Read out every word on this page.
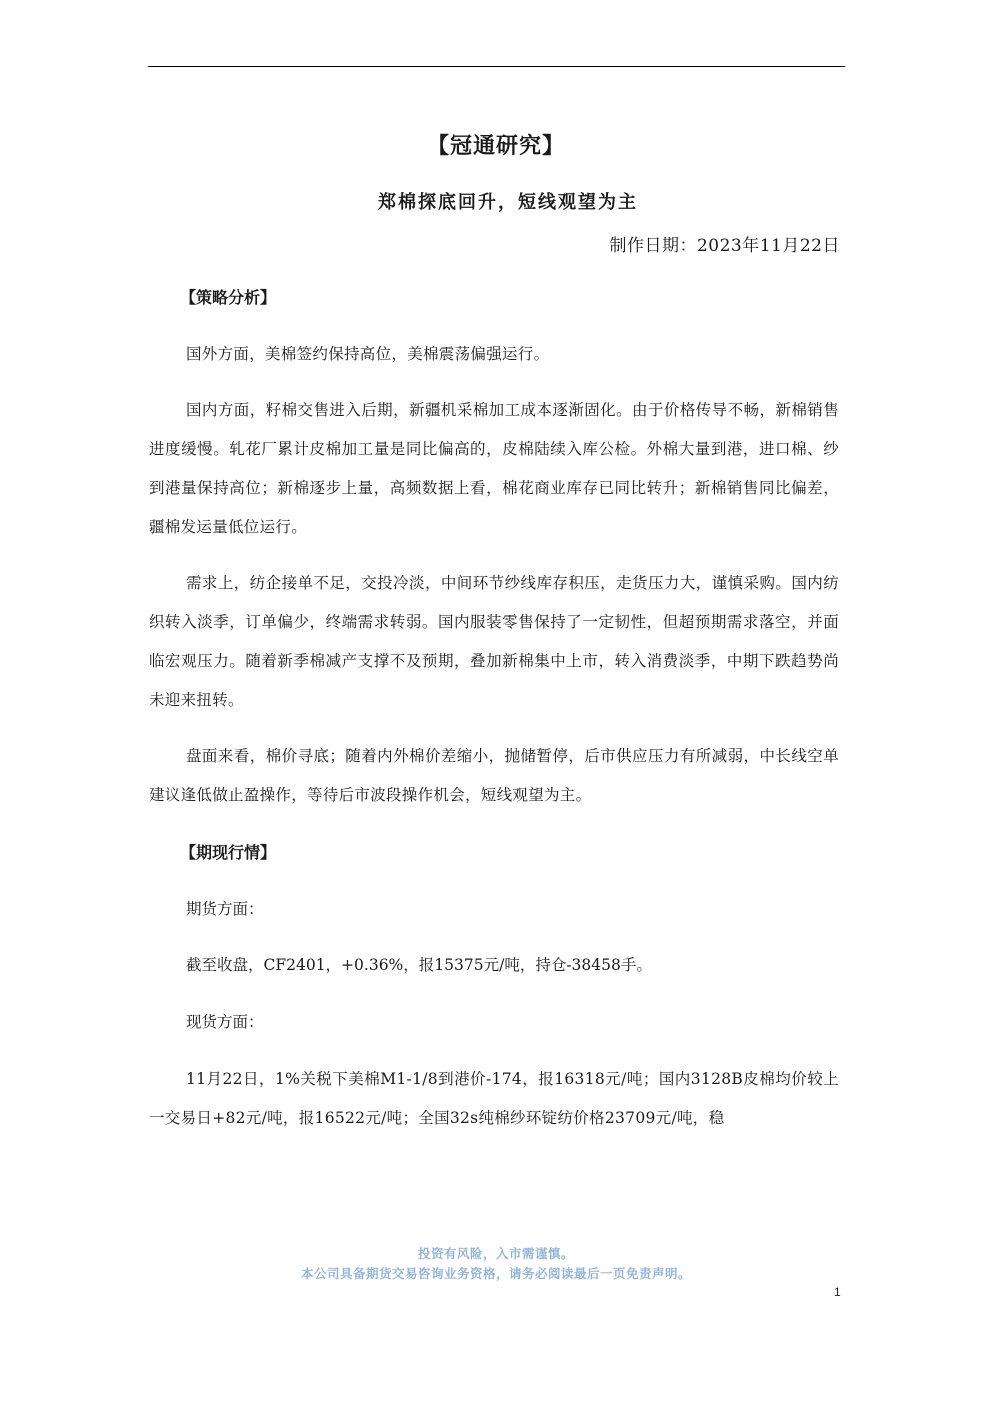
【冠通研究】
郑棉探底回升，短线观望为主
制作日期：2023年11月22日
【策略分析】
国外方面，美棉签约保持高位，美棉震荡偏强运行。
国内方面，籽棉交售进入后期，新疆机采棉加工成本逐渐固化。由于价格传导不畅，新棉销售进度缓慢。轧花厂累计皮棉加工量是同比偏高的，皮棉陆续入库公检。外棉大量到港，进口棉、纱到港量保持高位；新棉逐步上量，高频数据上看，棉花商业库存已同比转升；新棉销售同比偏差，疆棉发运量低位运行。
需求上，纺企接单不足，交投冷淡，中间环节纱线库存积压，走货压力大，谨慎采购。国内纺织转入淡季，订单偏少，终端需求转弱。国内服装零售保持了一定韧性，但超预期需求落空，并面临宏观压力。随着新季棉减产支撑不及预期，叠加新棉集中上市，转入消费淡季，中期下跌趋势尚未迎来扭转。
盘面来看，棉价寻底；随着内外棉价差缩小，抛储暂停，后市供应压力有所减弱，中长线空单建议逢低做止盈操作，等待后市波段操作机会，短线观望为主。
【期现行情】
期货方面：
截至收盘，CF2401，+0.36%，报15375元/吨，持仓-38458手。
现货方面：
11月22日，1%关税下美棉M1-1/8到港价-174，报16318元/吨；国内3128B皮棉均价较上一交易日+82元/吨，报16522元/吨；全国32s纯棉纱环锭纺价格23709元/吨，稳
投资有风险，入市需谨慎。
本公司具备期货交易咨询业务资格，请务必阅读最后一页免责声明。
1
